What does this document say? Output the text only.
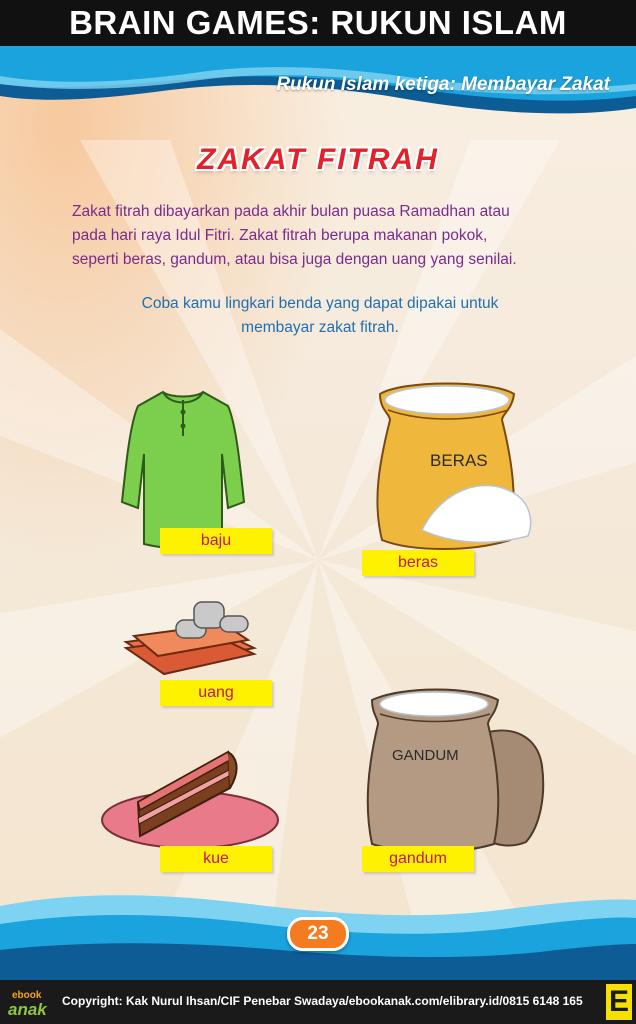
BRAIN GAMES: RUKUN ISLAM
Rukun Islam ketiga: Membayar Zakat
ZAKAT FITRAH
Zakat fitrah dibayarkan pada akhir bulan puasa Ramadhan atau
pada hari raya Idul Fitri. Zakat fitrah berupa makanan pokok,
seperti beras, gandum, atau bisa juga dengan uang yang senilai.
Coba kamu lingkari benda yang dapat dipakai untuk
membayar zakat fitrah.
baju
BERAS
beras
uang
GANDUM
gandum
kue
23
ebook
anak Copyright: Kak Nurul Ihsan/CIF Penebar Swadaya/ebookanak.com/elibrary.id/0815 6148 165 E
